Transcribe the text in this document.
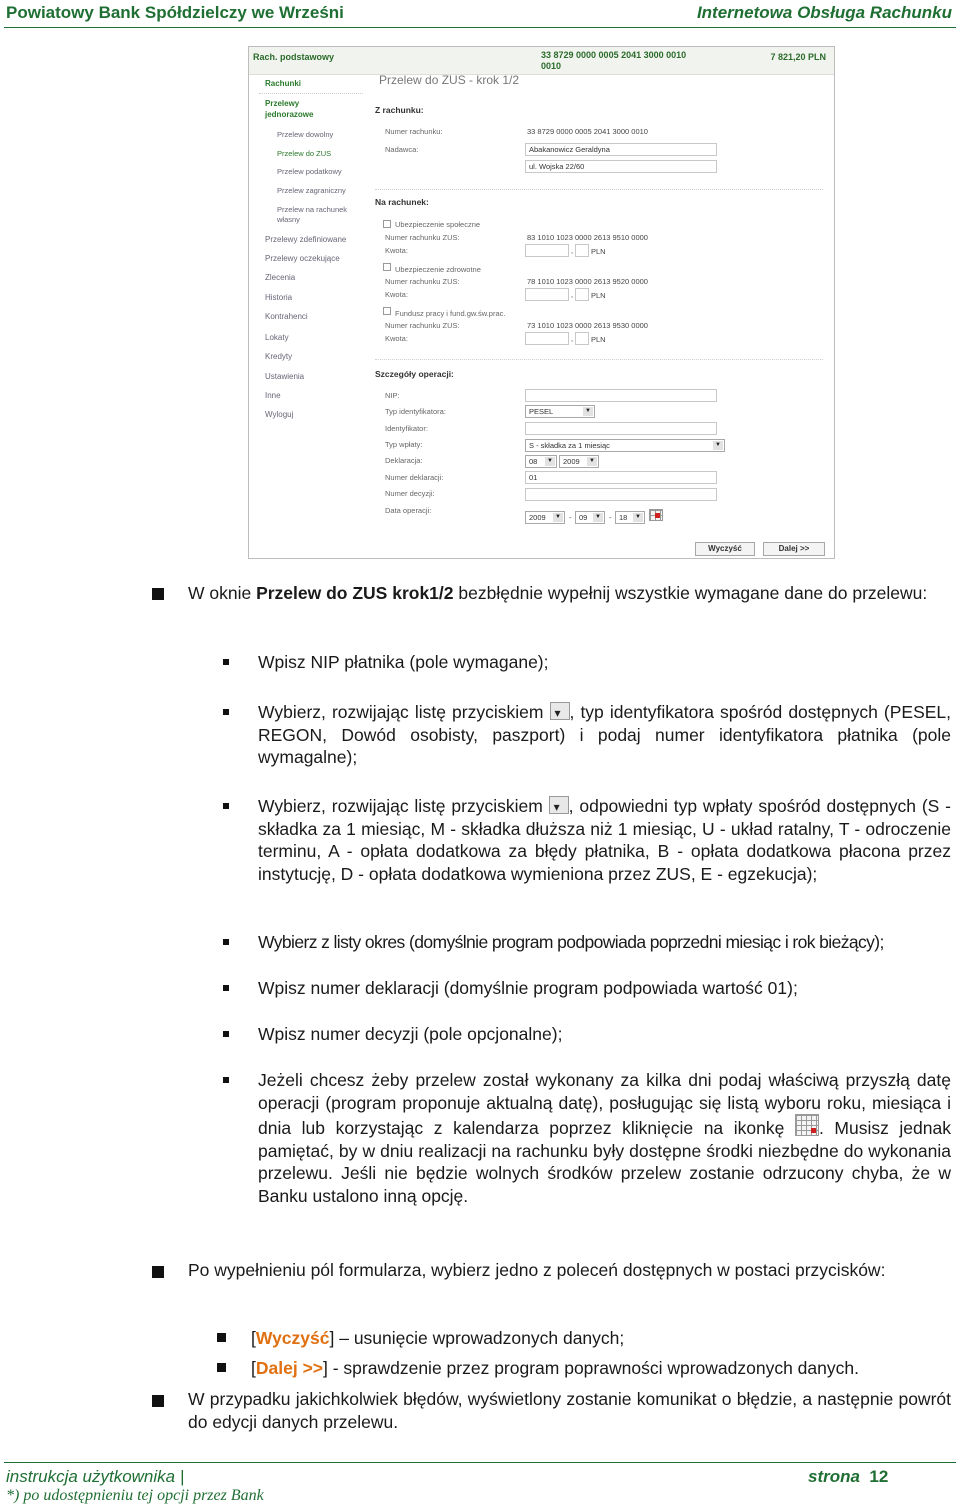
Powiatowy Bank Spółdzielczy we Wrześni	Internetowa Obsługa Rachunku
Rach. podstawowy	33 8729 0000 0005 2041 3000 0010
0010
7 821,20 PLN
Rachunki
Przelewy
jednorazowe
Przelew dowolny
Przelew do ZUS
Przelew podatkowy
Przelew zagraniczny
Przelew na rachunek
własny
Przelewy zdefiniowane
Przelewy oczekujące
Zlecenia
Historia
Kontrahenci
Lokaty
Kredyty
Ustawienia
Inne
Wyloguj
Przelew do ZUS - krok 1/2
Z rachunku:
Numer rachunku:	33 8729 0000 0005 2041 3000 0010
Nadawca:	Abakanowicz Geraldyna
ul. Wojska 22/60
Na rachunek:
Ubezpieczenie społeczne
Numer rachunku ZUS:	83 1010 1023 0000 2613 9510 0000
Kwota:	, PLN
Ubezpieczenie zdrowotne
Numer rachunku ZUS:	78 1010 1023 0000 2613 9520 0000
Kwota:	, PLN
Fundusz pracy i fund.gw.św.prac.
Numer rachunku ZUS:	73 1010 1023 0000 2613 9530 0000
Kwota:	, PLN
Szczegóły operacji:
NIP:
Typ identyfikatora:	PESEL	▼
Identyfikator:
Typ wpłaty:	S - składka za 1 miesiąc	▼
Deklaracja:	08	▼	2009	▼
Numer deklaracji:	01
Numer decyzji:
Data operacji:
2009	▼ -	09	▼ -	18	▼
Wyczyść	Dalej >>
W oknie Przelew do ZUS krok1/2 bezbłędnie wypełnij wszystkie wymagane dane do przelewu:
Wpisz NIP płatnika (pole wymagane);
Wybierz, rozwijając listę przyciskiem ▾, typ identyfikatora spośród dostępnych (PESEL, REGON, Dowód osobisty, paszport) i podaj numer identyfikatora płatnika (pole wymagalne);
Wybierz, rozwijając listę przyciskiem ▾, odpowiedni typ wpłaty spośród dostępnych (S -składka za 1 miesiąc, M - składka dłuższa niż 1 miesiąc, U - układ ratalny, T - odroczenie terminu, A - opłata dodatkowa za błędy płatnika, B - opłata dodatkowa płacona przez instytucję, D - opłata dodatkowa wymieniona przez ZUS, E - egzekucja);
Wybierz z listy okres (domyślnie program podpowiada poprzedni miesiąc i rok bieżący);
Wpisz numer deklaracji (domyślnie program podpowiada wartość 01);
Wpisz numer decyzji (pole opcjonalne);
Jeżeli chcesz żeby przelew został wykonany za kilka dni podaj właściwą przyszłą datę operacji (program proponuje aktualną datę), posługując się listą wyboru roku, miesiąca i dnia lub korzystając z kalendarza poprzez kliknięcie na ikonkę . Musisz jednak pamiętać, by w dniu realizacji na rachunku były dostępne środki niezbędne do wykonania przelewu. Jeśli nie będzie wolnych środków przelew zostanie odrzucony chyba, że w Banku ustalono inną opcję.
Po wypełnieniu pól formularza, wybierz jedno z poleceń dostępnych w postaci przycisków:
[Wyczyść] – usunięcie wprowadzonych danych;
[Dalej >>] - sprawdzenie przez program poprawności wprowadzonych danych.
W przypadku jakichkolwiek błędów, wyświetlony zostanie komunikat o błędzie, a następnie powrót do edycji danych przelewu.
instrukcja użytkownika |	strona 12
*) po udostępnieniu tej opcji przez Bank
